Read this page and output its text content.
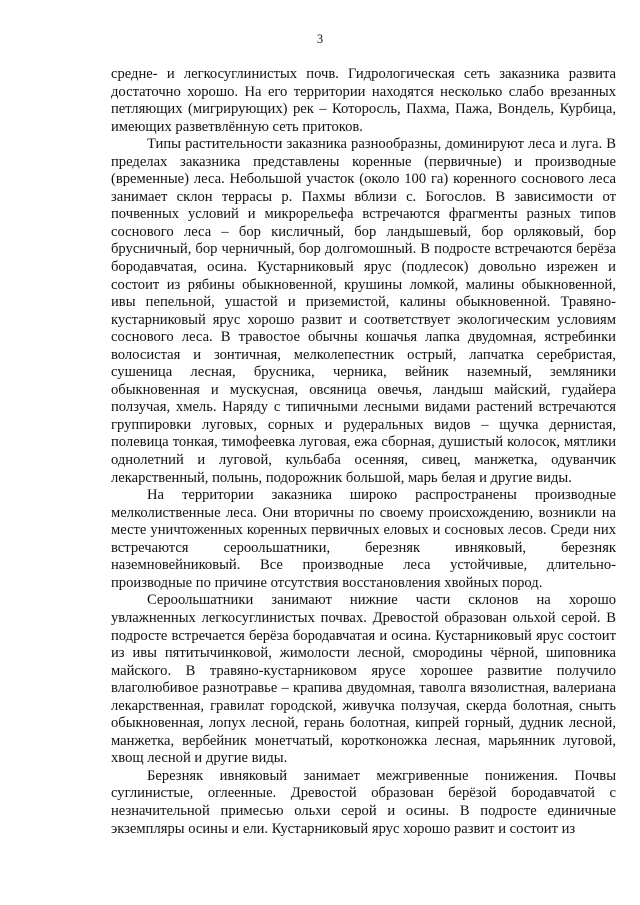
3

средне- и легкосуглинистых почв. Гидрологическая сеть заказника развита достаточно хорошо. На его территории находятся несколько слабо врезанных петляющих (мигрирующих) рек – Которосль, Пахма, Пажа, Вондель, Курбица, имеющих разветвлённую сеть притоков.

Типы растительности заказника разнообразны, доминируют леса и луга. В пределах заказника представлены коренные (первичные) и производные (временные) леса. Небольшой участок (около 100 га) коренного соснового леса занимает склон террасы р. Пахмы вблизи с. Богослов. В зависимости от почвенных условий и микрорельефа встречаются фрагменты разных типов соснового леса – бор кисличный, бор ландышевый, бор орляковый, бор брусничный, бор черничный, бор долгомошный. В подросте встречаются берёза бородавчатая, осина. Кустарниковый ярус (подлесок) довольно изрежен и состоит из рябины обыкновенной, крушины ломкой, малины обыкновенной, ивы пепельной, ушастой и приземистой, калины обыкновенной. Травяно-кустарниковый ярус хорошо развит и соответствует экологическим условиям соснового леса. В травостое обычны кошачья лапка двудомная, ястребинки волосистая и зонтичная, мелколепестник острый, лапчатка серебристая, сушеница лесная, брусника, черника, вейник наземный, земляники обыкновенная и мускусная, овсяница овечья, ландыш майский, гудайера ползучая, хмель. Наряду с типичными лесными видами растений встречаются группировки луговых, сорных и рудеральных видов – щучка дернистая, полевица тонкая, тимофеевка луговая, ежа сборная, душистый колосок, мятлики однолетний и луговой, кульбаба осенняя, сивец, манжетка, одуванчик лекарственный, полынь, подорожник большой, марь белая и другие виды.

На территории заказника широко распространены производные мелколиственные леса. Они вторичны по своему происхождению, возникли на месте уничтоженных коренных первичных еловых и сосновых лесов. Среди них встречаются сероольшатники, березняк ивняковый, березняк наземновейниковый. Все производные леса устойчивые, длительно-производные по причине отсутствия восстановления хвойных пород.

Сероольшатники занимают нижние части склонов на хорошо увлажненных легкосуглинистых почвах. Древостой образован ольхой серой. В подросте встречается берёза бородавчатая и осина. Кустарниковый ярус состоит из ивы пятитычинковой, жимолости лесной, смородины чёрной, шиповника майского. В травяно-кустарниковом ярусе хорошее развитие получило влаголюбивое разнотравье – крапива двудомная, таволга вязолистная, валериана лекарственная, гравилат городской, живучка ползучая, скерда болотная, сныть обыкновенная, лопух лесной, герань болотная, кипрей горный, дудник лесной, манжетка, вербейник монетчатый, коротконожка лесная, марьянник луговой, хвощ лесной и другие виды.

Березняк ивняковый занимает межгривенные понижения. Почвы суглинистые, оглеенные. Древостой образован берёзой бородавчатой с незначительной примесью ольхи серой и осины. В подросте единичные экземпляры осины и ели. Кустарниковый ярус хорошо развит и состоит из
